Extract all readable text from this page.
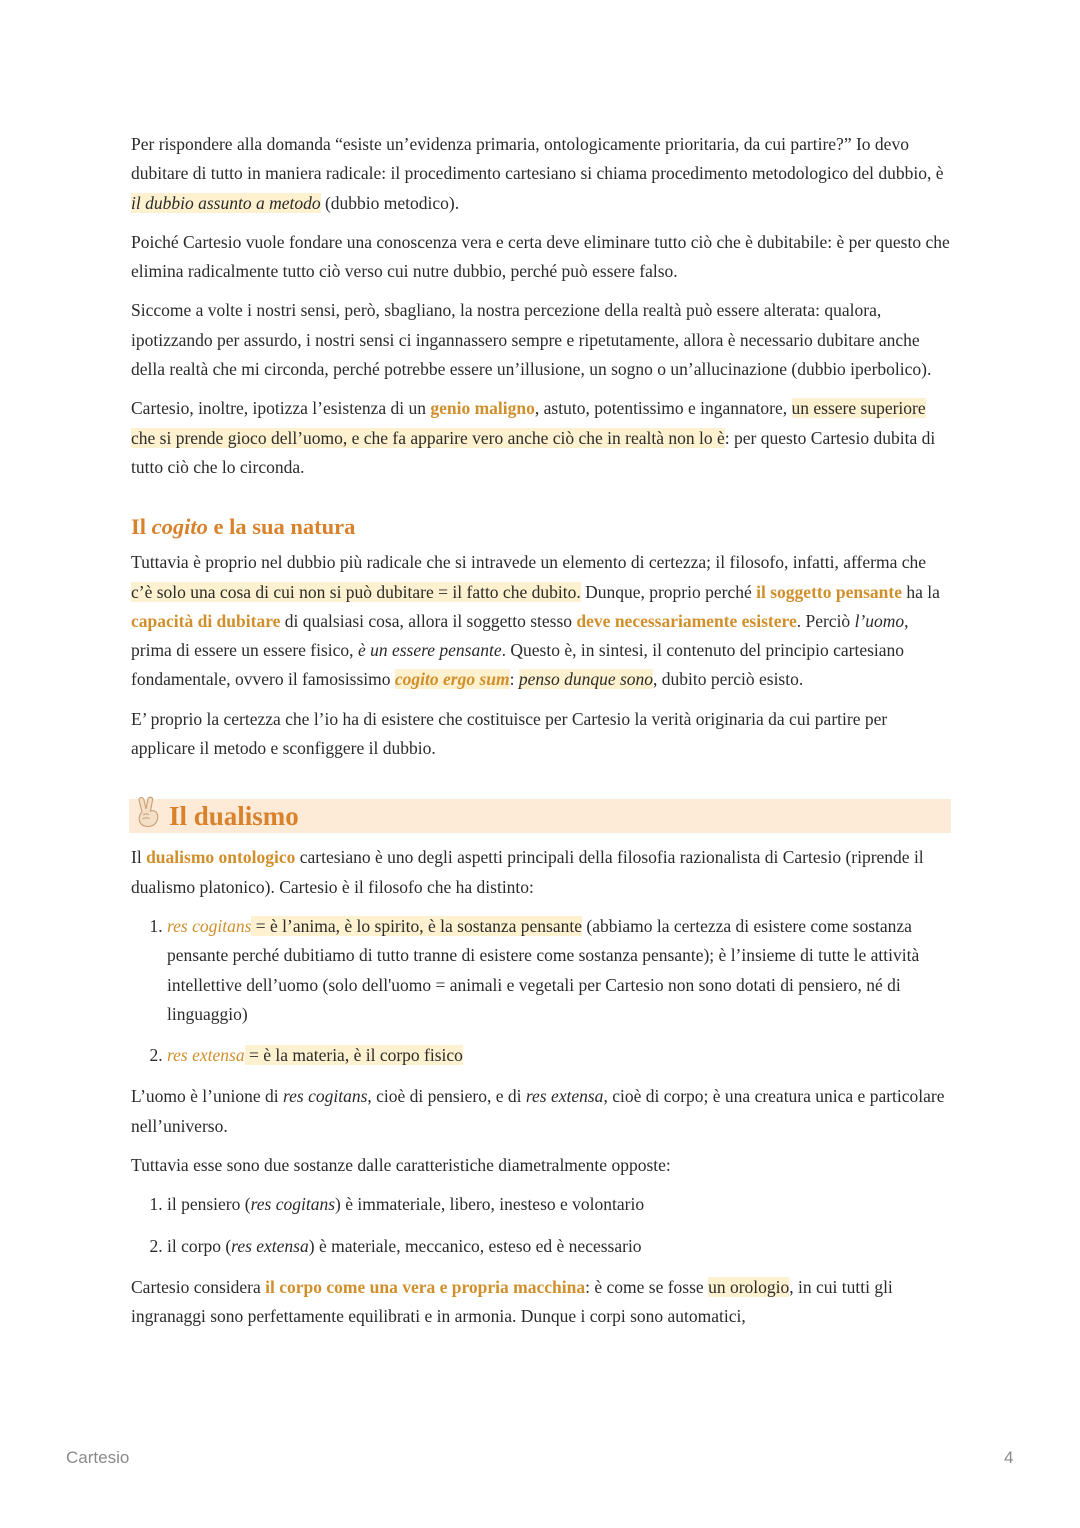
Per rispondere alla domanda “esiste un’evidenza primaria, ontologicamente prioritaria, da cui partire?” Io devo dubitare di tutto in maniera radicale: il procedimento cartesiano si chiama procedimento metodologico del dubbio, è il dubbio assunto a metodo (dubbio metodico).

Poiché Cartesio vuole fondare una conoscenza vera e certa deve eliminare tutto ciò che è dubitabile: è per questo che elimina radicalmente tutto ciò verso cui nutre dubbio, perché può essere falso.

Siccome a volte i nostri sensi, però, sbagliano, la nostra percezione della realtà può essere alterata: qualora, ipotizzando per assurdo, i nostri sensi ci ingannassero sempre e ripetutamente, allora è necessario dubitare anche della realtà che mi circonda, perché potrebbe essere un’illusione, un sogno o un’allucinazione (dubbio iperbolico).

Cartesio, inoltre, ipotizza l’esistenza di un genio maligno, astuto, potentissimo e ingannatore, un essere superiore che si prende gioco dell’uomo, e che fa apparire vero anche ciò che in realtà non lo è: per questo Cartesio dubita di tutto ciò che lo circonda.

Il cogito e la sua natura

Tuttavia è proprio nel dubbio più radicale che si intravede un elemento di certezza; il filosofo, infatti, afferma che c’è solo una cosa di cui non si può dubitare = il fatto che dubito. Dunque, proprio perché il soggetto pensante ha la capacità di dubitare di qualsiasi cosa, allora il soggetto stesso deve necessariamente esistere. Perciò l’uomo, prima di essere un essere fisico, è un essere pensante. Questo è, in sintesi, il contenuto del principio cartesiano fondamentale, ovvero il famosissimo cogito ergo sum: penso dunque sono, dubito perciò esisto.

E’ proprio la certezza che l’io ha di esistere che costituisce per Cartesio la verità originaria da cui partire per applicare il metodo e sconfiggere il dubbio.

Il dualismo

Il dualismo ontologico cartesiano è uno degli aspetti principali della filosofia razionalista di Cartesio (riprende il dualismo platonico). Cartesio è il filosofo che ha distinto:

1. res cogitans = è l’anima, è lo spirito, è la sostanza pensante (abbiamo la certezza di esistere come sostanza pensante perché dubitiamo di tutto tranne di esistere come sostanza pensante); è l’insieme di tutte le attività intellettive dell’uomo (solo dell'uomo = animali e vegetali per Cartesio non sono dotati di pensiero, né di linguaggio)
2. res extensa = è la materia, è il corpo fisico

L’uomo è l’unione di res cogitans, cioè di pensiero, e di res extensa, cioè di corpo; è una creatura unica e particolare nell’universo.

Tuttavia esse sono due sostanze dalle caratteristiche diametralmente opposte:

1. il pensiero (res cogitans) è immateriale, libero, inesteso e volontario
2. il corpo (res extensa) è materiale, meccanico, esteso ed è necessario

Cartesio considera il corpo come una vera e propria macchina: è come se fosse un orologio, in cui tutti gli ingranaggi sono perfettamente equilibrati e in armonia. Dunque i corpi sono automatici,

Cartesio	4
